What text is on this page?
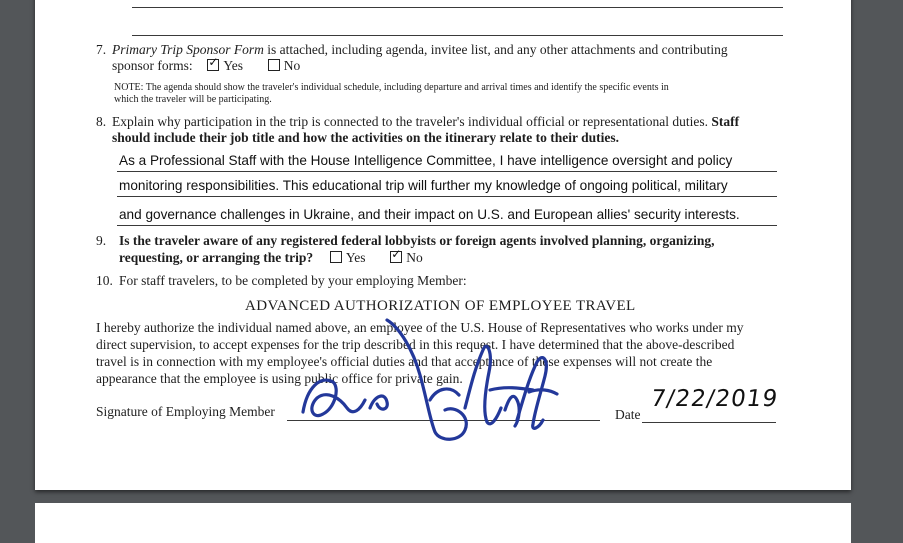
7. Primary Trip Sponsor Form is attached, including agenda, invitee list, and any other attachments and contributing
sponsor forms: ✓ Yes	No
NOTE: The agenda should show the traveler's individual schedule, including departure and arrival times and identify the specific events in
which the traveler will be participating.
8. Explain why participation in the trip is connected to the traveler's individual official or representational duties. Staff
should include their job title and how the activities on the itinerary relate to their duties.
As a Professional Staff with the House Intelligence Committee, I have intelligence oversight and policy
monitoring responsibilities. This educational trip will further my knowledge of ongoing political, military
and governance challenges in Ukraine, and their impact on U.S. and European allies' security interests.
9. Is the traveler aware of any registered federal lobbyists or foreign agents involved planning, organizing,
requesting, or arranging the trip? Yes ✓	No
10. For staff travelers, to be completed by your employing Member:
ADVANCED AUTHORIZATION OF EMPLOYEE TRAVEL
I hereby authorize the individual named above, an employee of the U.S. House of Representatives who works under my
direct supervision, to accept expenses for the trip described in this request. I have determined that the above-described
travel is in connection with my employee's official duties and that acceptance of these expenses will not create the
appearance that the employee is using public office for private gain.
Signature of Employing Member	Date
7/22/2019
